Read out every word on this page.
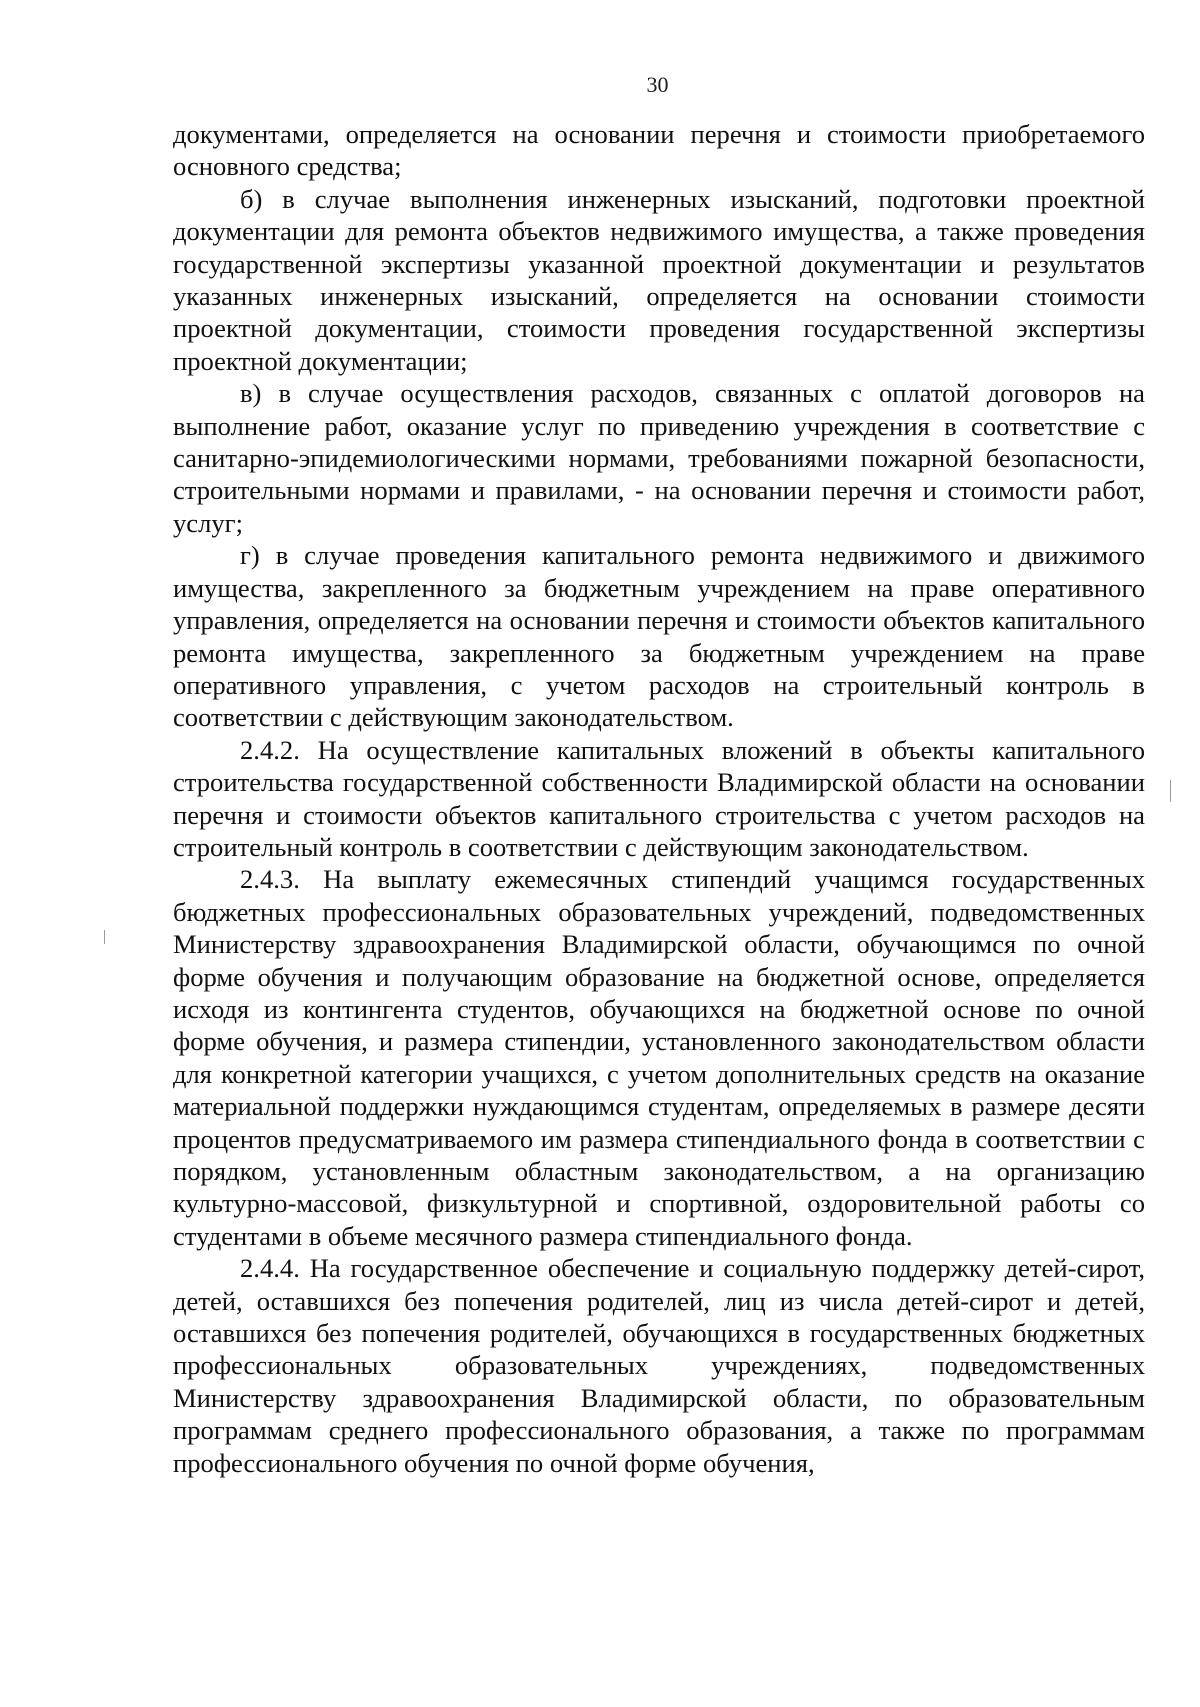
30

документами, определяется на основании перечня и стоимости приобретаемого основного средства;

б) в случае выполнения инженерных изысканий, подготовки проектной документации для ремонта объектов недвижимого имущества, а также проведения государственной экспертизы указанной проектной документации и результатов указанных инженерных изысканий, определяется на основании стоимости проектной документации, стоимости проведения государственной экспертизы проектной документации;

в) в случае осуществления расходов, связанных с оплатой договоров на выполнение работ, оказание услуг по приведению учреждения в соответствие с санитарно-эпидемиологическими нормами, требованиями пожарной безопасности, строительными нормами и правилами, - на основании перечня и стоимости работ, услуг;

г) в случае проведения капитального ремонта недвижимого и движимого имущества, закрепленного за бюджетным учреждением на праве оперативного управления, определяется на основании перечня и стоимости объектов капитального ремонта имущества, закрепленного за бюджетным учреждением на праве оперативного управления, с учетом расходов на строительный контроль в соответствии с действующим законодательством.

2.4.2. На осуществление капитальных вложений в объекты капитального строительства государственной собственности Владимирской области на основании перечня и стоимости объектов капитального строительства с учетом расходов на строительный контроль в соответствии с действующим законодательством.

2.4.3. На выплату ежемесячных стипендий учащимся государственных бюджетных профессиональных образовательных учреждений, подведомственных Министерству здравоохранения Владимирской области, обучающимся по очной форме обучения и получающим образование на бюджетной основе, определяется исходя из контингента студентов, обучающихся на бюджетной основе по очной форме обучения, и размера стипендии, установленного законодательством области для конкретной категории учащихся, с учетом дополнительных средств на оказание материальной поддержки нуждающимся студентам, определяемых в размере десяти процентов предусматриваемого им размера стипендиального фонда в соответствии с порядком, установленным областным законодательством, а на организацию культурно-массовой, физкультурной и спортивной, оздоровительной работы со студентами в объеме месячного размера стипендиального фонда.

2.4.4. На государственное обеспечение и социальную поддержку детей-сирот, детей, оставшихся без попечения родителей, лиц из числа детей-сирот и детей, оставшихся без попечения родителей, обучающихся в государственных бюджетных профессиональных образовательных учреждениях, подведомственных Министерству здравоохранения Владимирской области, по образовательным программам среднего профессионального образования, а также по программам профессионального обучения по очной форме обучения,
